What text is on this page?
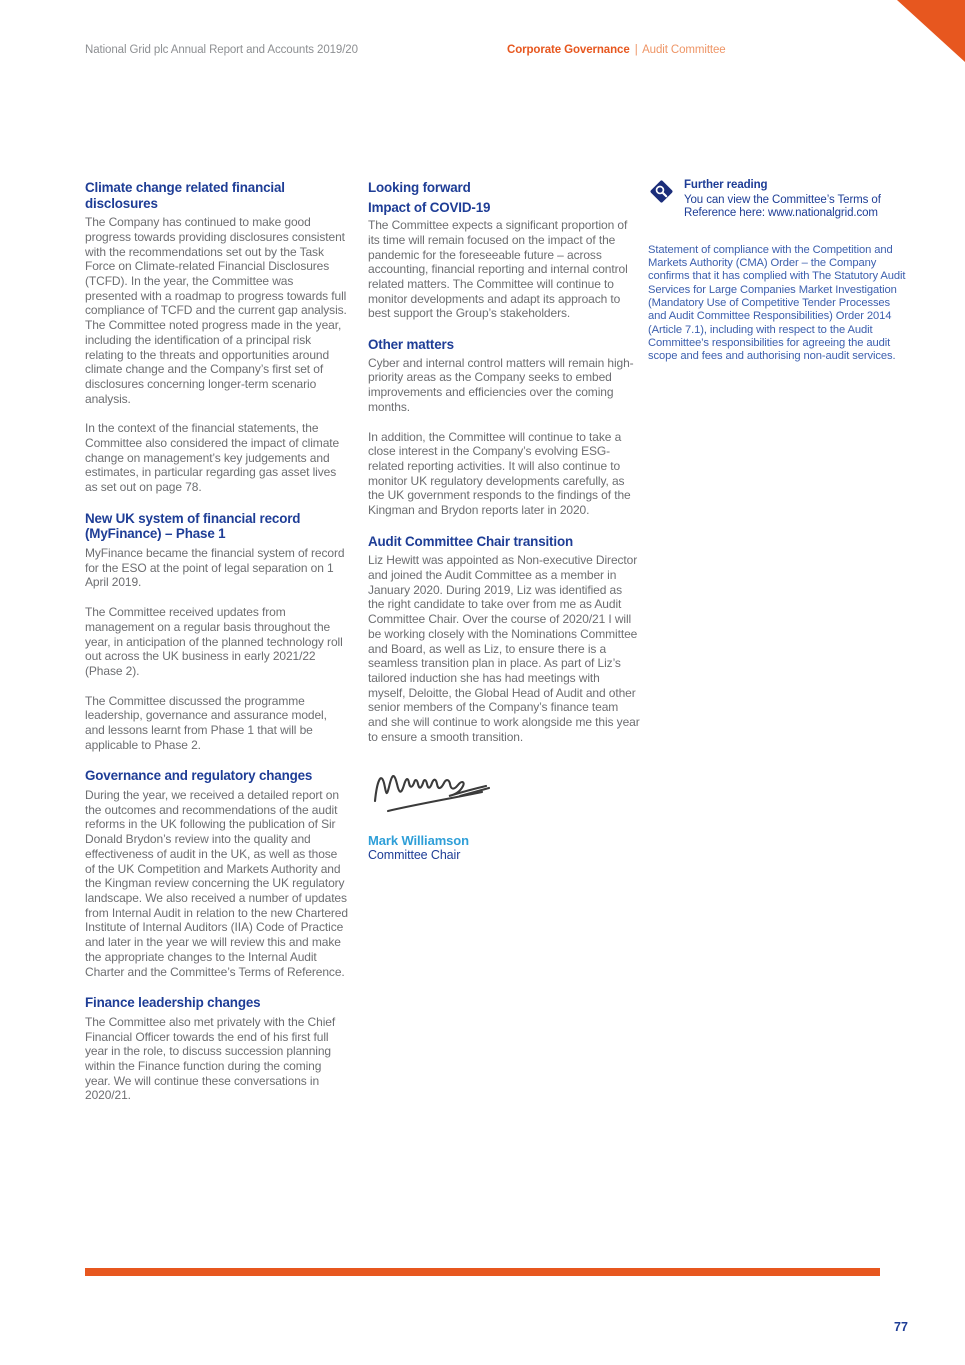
National Grid plc Annual Report and Accounts 2019/20	Corporate Governance | Audit Committee
Climate change related financial disclosures

The Company has continued to make good progress towards providing disclosures consistent with the recommendations set out by the Task Force on Climate-related Financial Disclosures (TCFD). In the year, the Committee was presented with a roadmap to progress towards full compliance of TCFD and the current gap analysis. The Committee noted progress made in the year, including the identification of a principal risk relating to the threats and opportunities around climate change and the Company’s first set of disclosures concerning longer-term scenario analysis.

In the context of the financial statements, the Committee also considered the impact of climate change on management’s key judgements and estimates, in particular regarding gas asset lives as set out on page 78.

New UK system of financial record (MyFinance) – Phase 1

MyFinance became the financial system of record for the ESO at the point of legal separation on 1 April 2019.

The Committee received updates from management on a regular basis throughout the year, in anticipation of the planned technology roll out across the UK business in early 2021/22 (Phase 2).

The Committee discussed the programme leadership, governance and assurance model, and lessons learnt from Phase 1 that will be applicable to Phase 2.

Governance and regulatory changes

During the year, we received a detailed report on the outcomes and recommendations of the audit reforms in the UK following the publication of Sir Donald Brydon’s review into the quality and effectiveness of audit in the UK, as well as those of the UK Competition and Markets Authority and the Kingman review concerning the UK regulatory landscape. We also received a number of updates from Internal Audit in relation to the new Chartered Institute of Internal Auditors (IIA) Code of Practice and later in the year we will review this and make the appropriate changes to the Internal Audit Charter and the Committee’s Terms of Reference.

Finance leadership changes

The Committee also met privately with the Chief Financial Officer towards the end of his first full year in the role, to discuss succession planning within the Finance function during the coming year. We will continue these conversations in 2020/21.

Looking forward
Impact of COVID-19

The Committee expects a significant proportion of its time will remain focused on the impact of the pandemic for the foreseeable future – across accounting, financial reporting and internal control related matters. The Committee will continue to monitor developments and adapt its approach to best support the Group’s stakeholders.

Other matters

Cyber and internal control matters will remain high-priority areas as the Company seeks to embed improvements and efficiencies over the coming months.

In addition, the Committee will continue to take a close interest in the Company’s evolving ESG-related reporting activities. It will also continue to monitor UK regulatory developments carefully, as the UK government responds to the findings of the Kingman and Brydon reports later in 2020.

Audit Committee Chair transition

Liz Hewitt was appointed as Non-executive Director and joined the Audit Committee as a member in January 2020. During 2019, Liz was identified as the right candidate to take over from me as Audit Committee Chair. Over the course of 2020/21 I will be working closely with the Nominations Committee and Board, as well as Liz, to ensure there is a seamless transition plan in place. As part of Liz’s tailored induction she has had meetings with myself, Deloitte, the Global Head of Audit and other senior members of the Company’s finance team and she will continue to work alongside me this year to ensure a smooth transition.

Mark Williamson
Committee Chair
Further reading
You can view the Committee’s Terms of Reference here: www.nationalgrid.com
Statement of compliance with the Competition and Markets Authority (CMA) Order – the Company confirms that it has complied with The Statutory Audit Services for Large Companies Market Investigation (Mandatory Use of Competitive Tender Processes and Audit Committee Responsibilities) Order 2014 (Article 7.1), including with respect to the Audit Committee’s responsibilities for agreeing the audit scope and fees and authorising non-audit services.
77
